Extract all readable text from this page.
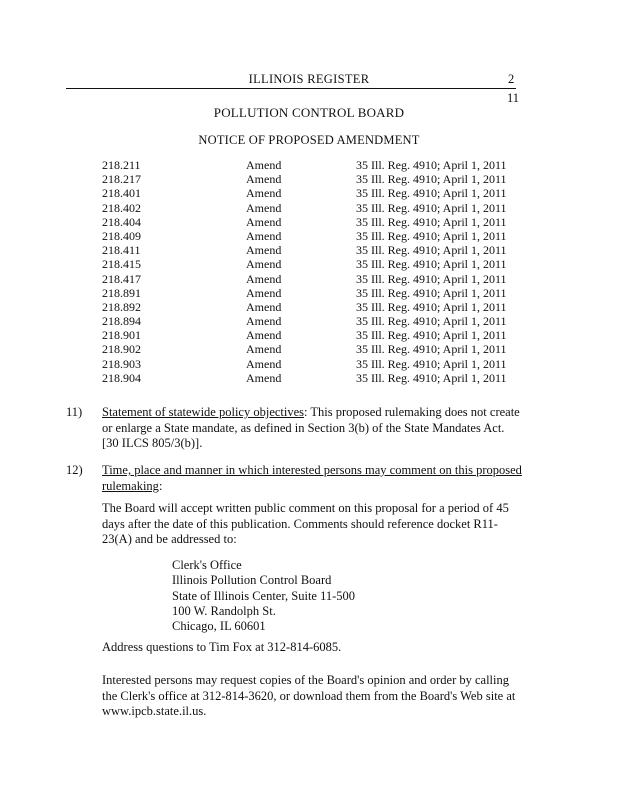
ILLINOIS REGISTER	2
11
POLLUTION CONTROL BOARD
NOTICE OF PROPOSED AMENDMENT
218.211	Amend	35 Ill. Reg. 4910; April 1, 2011
218.217	Amend	35 Ill. Reg. 4910; April 1, 2011
218.401	Amend	35 Ill. Reg. 4910; April 1, 2011
218.402	Amend	35 Ill. Reg. 4910; April 1, 2011
218.404	Amend	35 Ill. Reg. 4910; April 1, 2011
218.409	Amend	35 Ill. Reg. 4910; April 1, 2011
218.411	Amend	35 Ill. Reg. 4910; April 1, 2011
218.415	Amend	35 Ill. Reg. 4910; April 1, 2011
218.417	Amend	35 Ill. Reg. 4910; April 1, 2011
218.891	Amend	35 Ill. Reg. 4910; April 1, 2011
218.892	Amend	35 Ill. Reg. 4910; April 1, 2011
218.894	Amend	35 Ill. Reg. 4910; April 1, 2011
218.901	Amend	35 Ill. Reg. 4910; April 1, 2011
218.902	Amend	35 Ill. Reg. 4910; April 1, 2011
218.903	Amend	35 Ill. Reg. 4910; April 1, 2011
218.904	Amend	35 Ill. Reg. 4910; April 1, 2011
11) Statement of statewide policy objectives: This proposed rulemaking does not create or enlarge a State mandate, as defined in Section 3(b) of the State Mandates Act. [30 ILCS 805/3(b)].
12) Time, place and manner in which interested persons may comment on this proposed rulemaking:
The Board will accept written public comment on this proposal for a period of 45 days after the date of this publication. Comments should reference docket R11-23(A) and be addressed to:
Clerk's Office
Illinois Pollution Control Board
State of Illinois Center, Suite 11-500
100 W. Randolph St.
Chicago, IL 60601
Address questions to Tim Fox at 312-814-6085.
Interested persons may request copies of the Board's opinion and order by calling the Clerk's office at 312-814-3620, or download them from the Board's Web site at www.ipcb.state.il.us.
